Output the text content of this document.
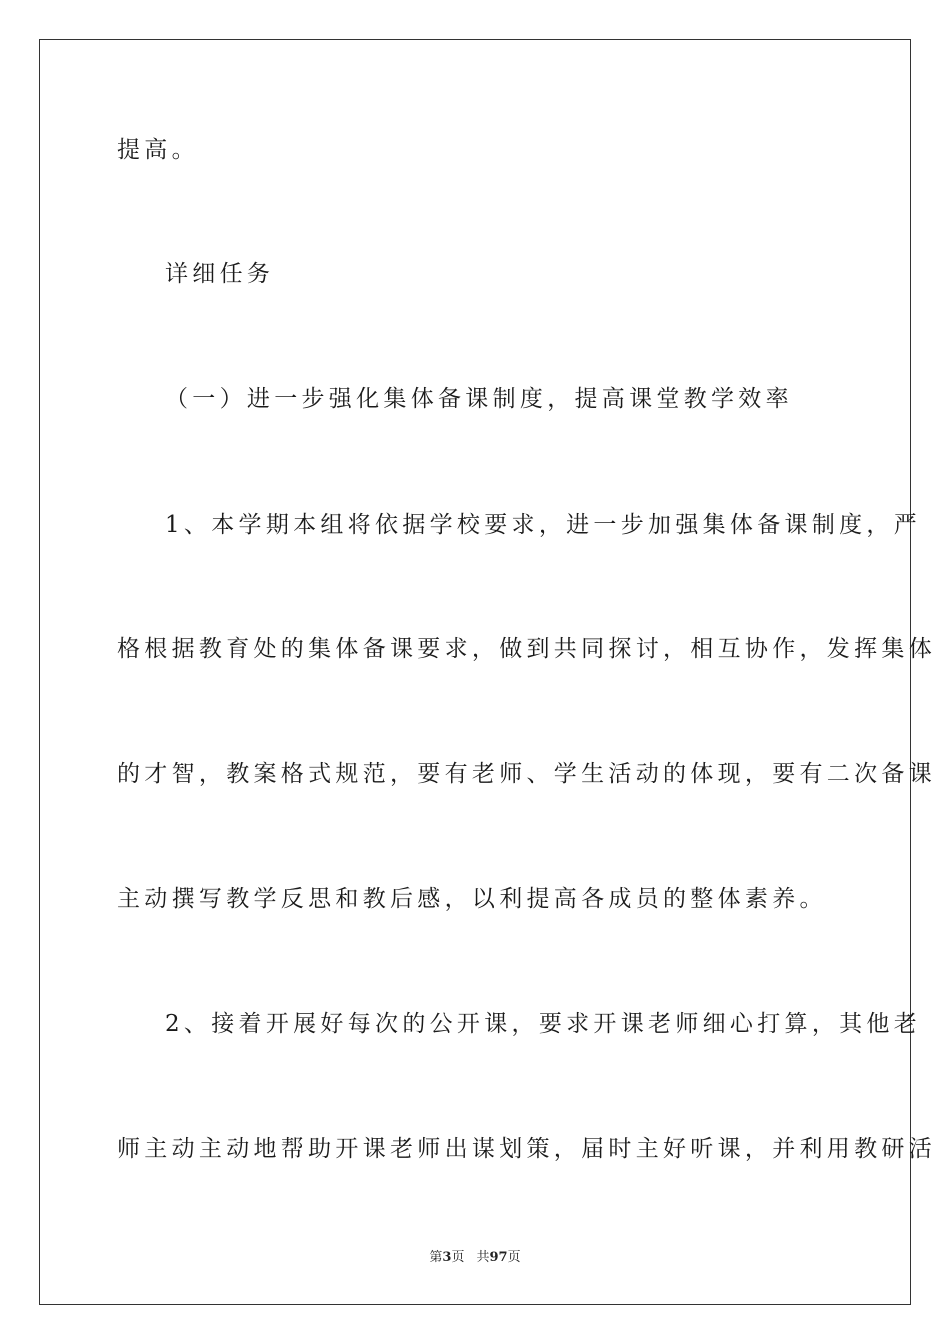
提高。
详细任务
（一）进一步强化集体备课制度，提高课堂教学效率
1、本学期本组将依据学校要求，进一步加强集体备课制度，严
格根据教育处的集体备课要求，做到共同探讨，相互协作，发挥集体
的才智，教案格式规范，要有老师、学生活动的体现，要有二次备课
主动撰写教学反思和教后感，以利提高各成员的整体素养。
2、接着开展好每次的公开课，要求开课老师细心打算，其他老
师主动主动地帮助开课老师出谋划策，届时主好听课，并利用教研活
第3页 共97页
